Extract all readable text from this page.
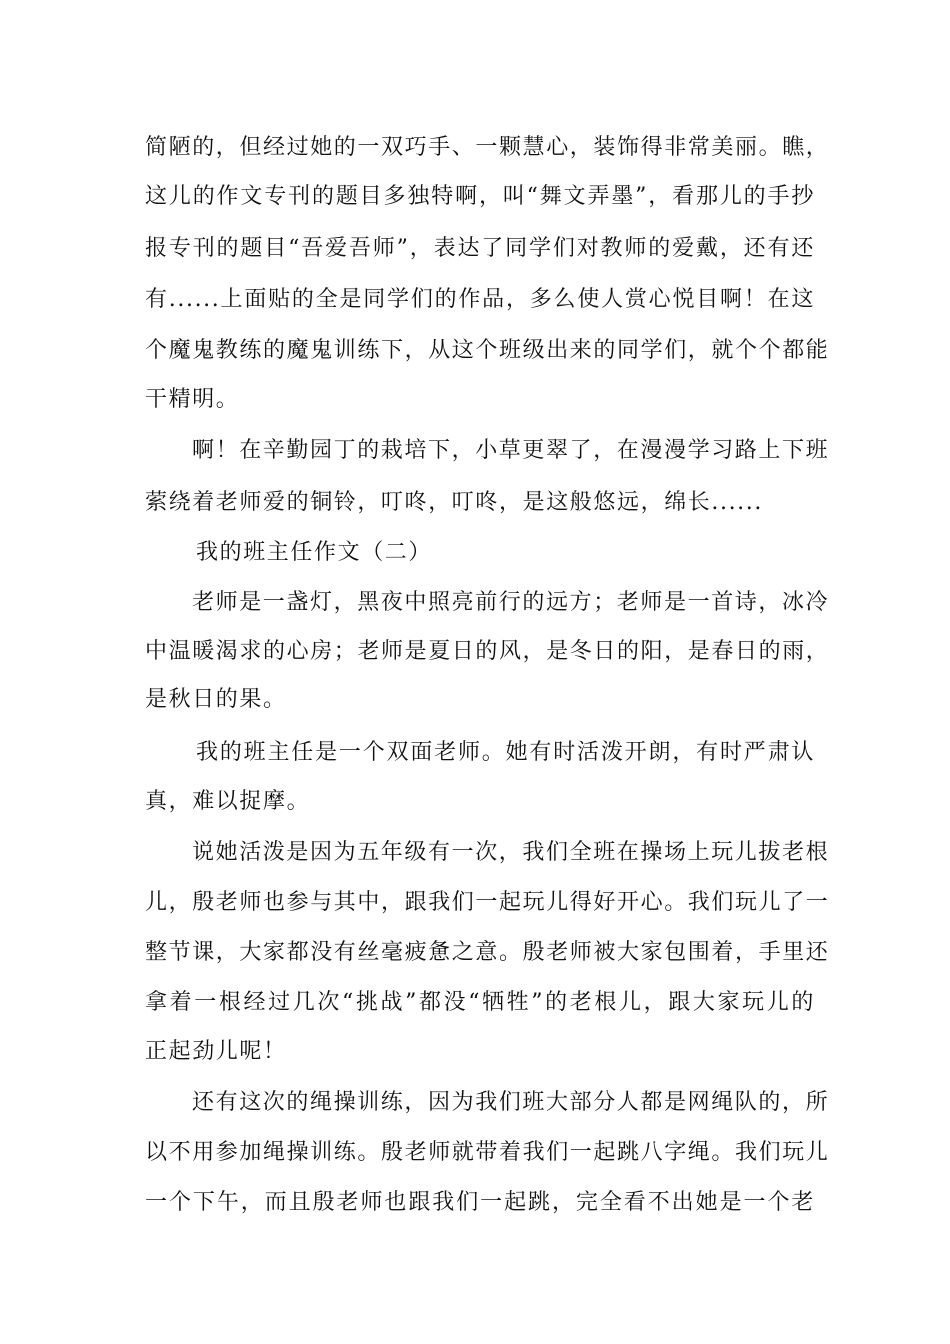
简陋的，但经过她的一双巧手、一颗慧心，装饰得非常美丽。瞧，

这儿的作文专刊的题目多独特啊，叫“舞文弄墨”，看那儿的手抄

报专刊的题目“吾爱吾师”，表达了同学们对教师的爱戴，还有还

有......上面贴的全是同学们的作品，多么使人赏心悦目啊！在这

个魔鬼教练的魔鬼训练下，从这个班级出来的同学们，就个个都能

干精明。

啊！在辛勤园丁的栽培下，小草更翠了，在漫漫学习路上下班

萦绕着老师爱的铜铃，叮咚，叮咚，是这般悠远，绵长......

我的班主任作文（二）

老师是一盏灯，黑夜中照亮前行的远方；老师是一首诗，冰冷

中温暖渴求的心房；老师是夏日的风，是冬日的阳，是春日的雨，

是秋日的果。

我的班主任是一个双面老师。她有时活泼开朗，有时严肃认

真，难以捉摩。

说她活泼是因为五年级有一次，我们全班在操场上玩儿拔老根

儿，殷老师也参与其中，跟我们一起玩儿得好开心。我们玩儿了一

整节课，大家都没有丝毫疲惫之意。殷老师被大家包围着，手里还

拿着一根经过几次“挑战”都没“牺牲”的老根儿，跟大家玩儿的

正起劲儿呢！

还有这次的绳操训练，因为我们班大部分人都是网绳队的，所

以不用参加绳操训练。殷老师就带着我们一起跳八字绳。我们玩儿

一个下午，而且殷老师也跟我们一起跳，完全看不出她是一个老
